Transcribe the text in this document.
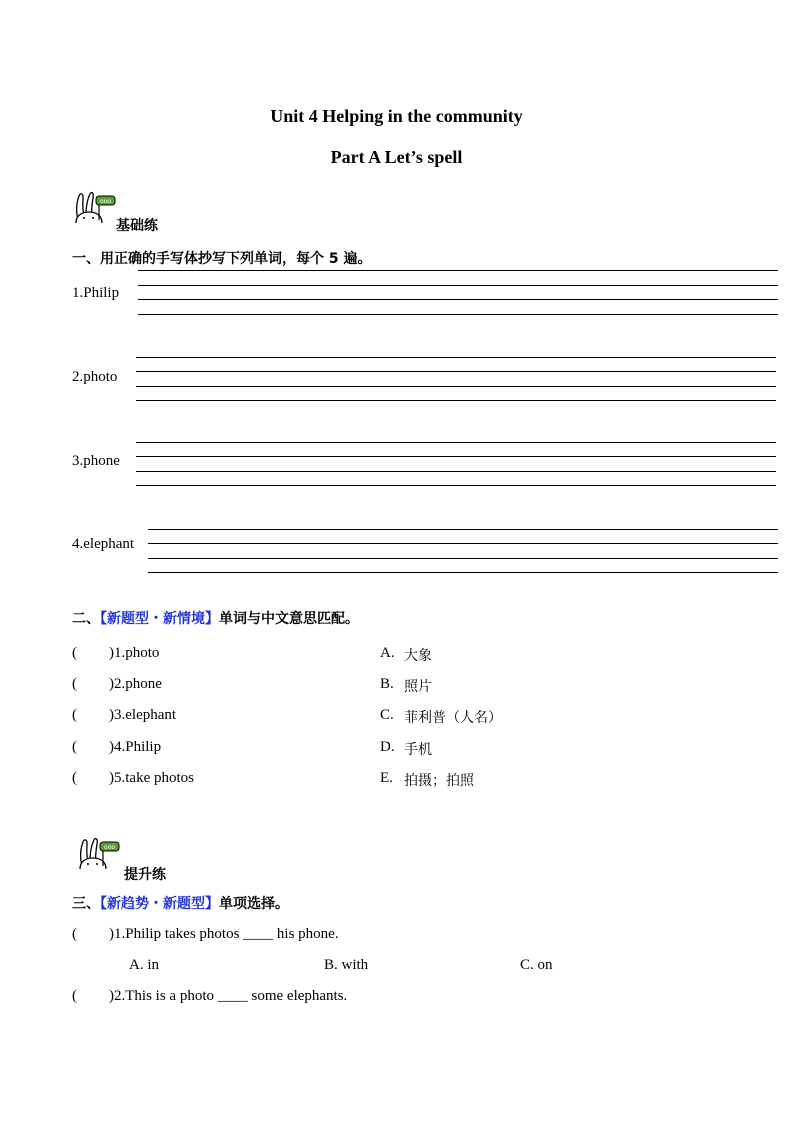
Unit 4 Helping in the community
Part A Let’s spell
ooo
基础练
一、用正确的手写体抄写下列单词，每个 5 遍。
1.Philip
2.photo
3.phone
4.elephant
二、【新题型・新情境】单词与中文意思匹配。
( )1.photo	A. 大象
( )2.phone	B. 照片
( )3.elephant	C. 菲利普（人名）
( )4.Philip	D. 手机
( )5.take photos	E. 拍摄；拍照
ooo
提升练
三、【新趋势・新题型】单项选择。
( )1.Philip takes photos ____ his phone.
A. in	B. with	C. on
( )2.This is a photo ____ some elephants.
